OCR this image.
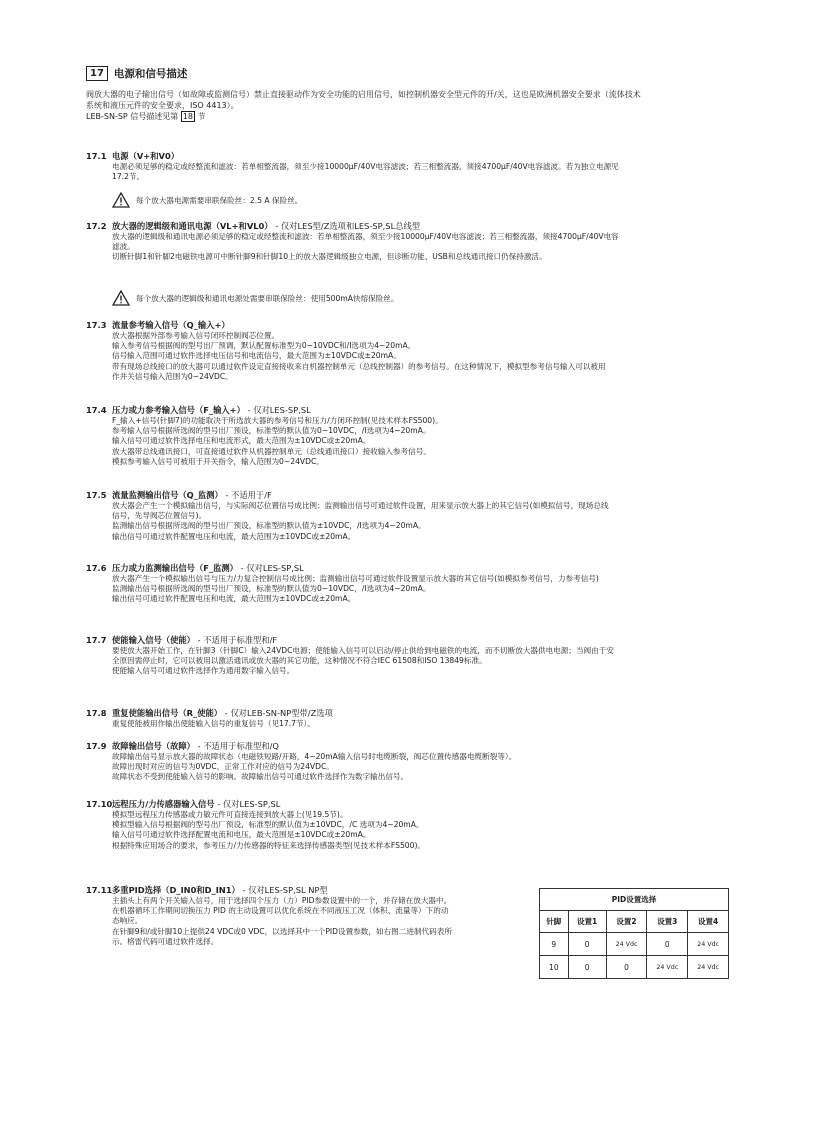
17 电源和信号描述

阀放大器的电子输出信号（如故障或监测信号）禁止直接驱动作为安全功能的启用信号，如控制机器安全型元件的开/关，这也是欧洲机器安全要求（流体技术

系统和液压元件的安全要求，ISO 4413）。

LEB-SN-SP 信号描述见第 18 节

17.1 电源（V+和V0）

电源必须足够的稳定或经整流和滤波：若单相整流器，须至少接10000μF/40V电容滤波；若三相整流器，须接4700μF/40V电容滤波。若为独立电源见

17.2节。

每个放大器电源需要串联保险丝：2.5 A 保险丝。

17.2 放大器的逻辑级和通讯电源（VL+和VL0） - 仅对LES型/Z选项和LES-SP,SL总线型

放大器的逻辑级和通讯电源必须足够的稳定或经整流和滤波：若单相整流器，须至少接10000μF/40V电容滤波；若三相整流器，须接4700μF/40V电容

滤波。

切断针脚1和针脚2电磁铁电源可中断针脚9和针脚10上的放大器逻辑级独立电源，但诊断功能、USB和总线通讯接口仍保持激活。

每个放大器的逻辑级和通讯电源处需要串联保险丝：使用500mA快熔保险丝。

17.3 流量参考输入信号（Q_输入+）

放大器根据外部参考输入信号闭环控制阀芯位置。

输入参考信号根据阀的型号出厂预调，默认配置标准型为0~10VDC和/I选项为4~20mA。

信号输入范围可通过软件选择电压信号和电流信号，最大范围为±10VDC或±20mA。

带有现场总线接口的放大器可以通过软件设定直接接收来自机器控制单元（总线控制器）的参考信号。在这种情况下，模拟型参考信号输入可以被用

作并关信号输入范围为0~24VDC。

17.4 压力或力参考输入信号（F_输入+） - 仅对LES-SP,SL

F_输入+信号(针脚7)的功能取决于所选放大器的参考信号和压力/力闭环控制(见技术样本FS500)。

参考输入信号根据所选阀的型号出厂预设，标准型的默认值为0~10VDC，/I选项为4~20mA。

输入信号可通过软件选择电压和电流形式，最大范围为±10VDC或±20mA。

放大器带总线通讯接口，可直接通过软件从机器控制单元（总线通讯接口）接收输入参考信号。

模拟参考输入信号可被用于开关指令，输入范围为0~24VDC。

17.5 流量监测输出信号（Q_监测） - 不适用于/F

放大器会产生一个模拟输出信号，与实际阀芯位置信号成比例；监测输出信号可通过软件设置，用来显示放大器上的其它信号(如模拟信号，现场总线

信号，先导阀芯位置信号)。

监测输出信号根据所选阀的型号出厂预设，标准型的默认值为±10VDC，/I选项为4~20mA。

输出信号可通过软件配置电压和电流，最大范围为±10VDC或±20mA。

17.6 压力或力监测输出信号（F_监测） - 仅对LES-SP,SL

放大器产生一个模拟输出信号与压力/力复合控制信号成比例；监测输出信号可通过软件设置显示放大器的其它信号(如模拟参考信号，力参考信号)

监测输出信号根据所选阀的型号出厂预设，标准型的默认值为0~10VDC，/I选项为4~20mA。

输出信号可通过软件配置电压和电流，最大范围为±10VDC或±20mA。

17.7 使能输入信号（使能） - 不适用于标准型和/F

要使放大器开始工作，在针脚3（针脚C）输入24VDC电源；使能输入信号可以启动/停止供给到电磁铁的电流，而不切断放大器供电电源；当阀由于安

全原因需停止时，它可以被用以激活通讯或放大器的其它功能，这种情况不符合IEC 61508和ISO 13849标准。

使能输入信号可通过软件选择作为通用数字输入信号。

17.8 重复使能输出信号（R_使能） - 仅对LEB-SN-NP型带/Z选项

重复使能被用作输出使能输入信号的重复信号（见17.7节）。

17.9 故障输出信号（故障） - 不适用于标准型和/Q

故障输出信号显示放大器的故障状态（电磁铁短路/开路，4~20mA输入信号时电缆断裂，阀芯位置传感器电缆断裂等）。

故障出现时对应的信号为0VDC，正常工作对应的信号为24VDC。

故障状态不受到使能输入信号的影响。故障输出信号可通过软件选择作为数字输出信号。

17.10远程压力/力传感器输入信号 - 仅对LES-SP,SL

模拟型远程压力传感器或力敏元件可直接连接到放大器上(见19.5节)。

模拟型输入信号根据阀的型号出厂预设，标准型的默认值为±10VDC，/C 选项为4~20mA。

输入信号可通过软件选择配置电流和电压，最大范围是±10VDC或±20mA。

根据特殊应用场合的要求，参考压力/力传感器的特征来选择传感器类型(见技术样本FS500)。

17.11多重PID选择（D_IN0和D_IN1） - 仅对LES-SP,SL NP型

主插头上有两个开关输入信号，用于选择四个压力（力）PID参数设置中的一个，并存储在放大器中。

在机器循环工作期间切换压力 PID 的主动设置可以优化系统在不同液压工况（体积、流量等）下的动

态响应。

在针脚9和/或针脚10上提供24 VDC或0 VDC，以选择其中一个PID设置参数，如右图二进制代码表所

示。格雷代码可通过软件选择。

PID设置选择				
针脚	设置1	设置2	设置3	设置4
9	0	24 Vdc	0	24 Vdc
10	0	0	24 Vdc	24 Vdc
